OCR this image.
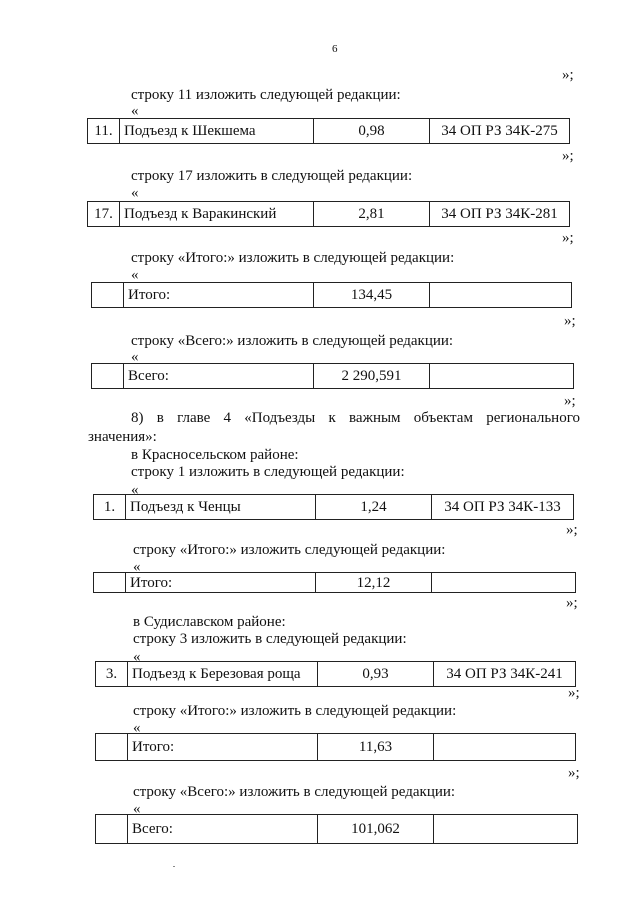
6
»;
строку 11 изложить следующей редакции:
«
11.	Подъезд к Шекшема	0,98	34 ОП РЗ 34К-275
»;
строку 17 изложить в следующей редакции:
«
17.	Подъезд к Варакинский	2,81	34 ОП РЗ 34К-281
»;
строку «Итого:» изложить в следующей редакции:
«
	Итого:	134,45	
»;
строку «Всего:» изложить в следующей редакции:
«
	Всего:	2 290,591	
»;
8) в главе 4 «Подъезды к важным объектам регионального
значения»:
в Красносельском районе:
строку 1 изложить в следующей редакции:
«
1.	Подъезд к Ченцы	1,24	34 ОП РЗ 34К-133
»;
строку «Итого:» изложить следующей редакции:
«
	Итого:	12,12	
»;
в Судиславском районе:
строку 3 изложить в следующей редакции:
«
3.	Подъезд к Березовая роща	0,93	34 ОП РЗ 34К-241
»;
строку «Итого:» изложить в следующей редакции:
«
	Итого:	11,63	
»;
строку «Всего:» изложить в следующей редакции:
«
	Всего:	101,062	
